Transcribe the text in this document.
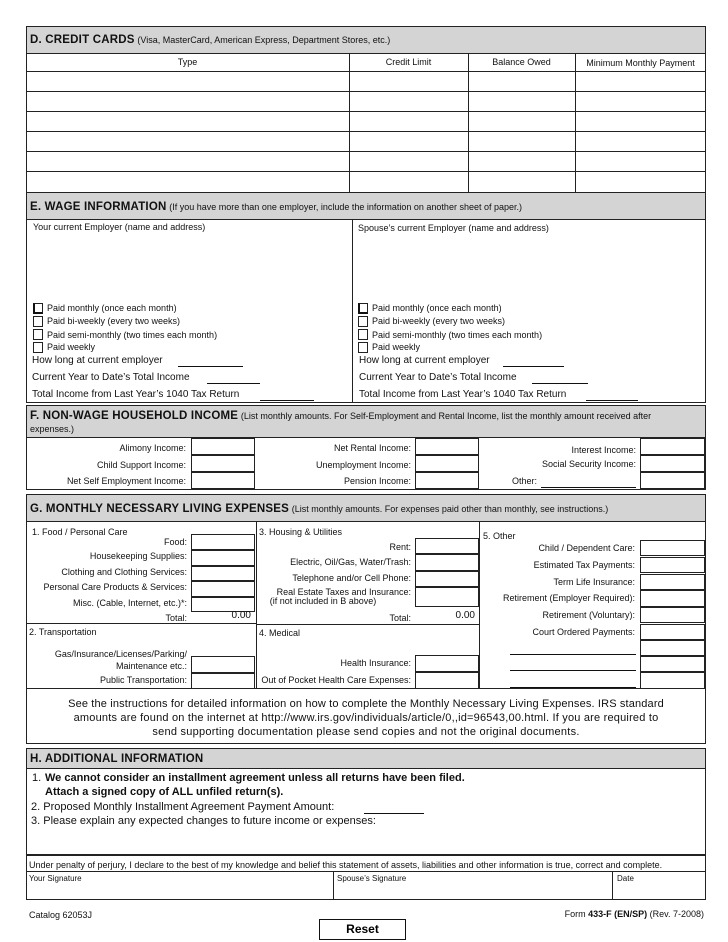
D. CREDIT CARDS (Visa, MasterCard, American Express, Department Stores, etc.)
Type	Credit Limit	Balance Owed	Minimum Monthly Payment
E. WAGE INFORMATION (If you have more than one employer, include the information on another sheet of paper.)
Your current Employer (name and address)	Spouse’s current Employer (name and address)
Paid monthly (once each month)
Paid bi-weekly (every two weeks)
Paid semi-monthly (two times each month)
Paid weekly
Paid monthly (once each month)
Paid bi-weekly (every two weeks)
Paid semi-monthly (two times each month)
Paid weekly
How long at current employer
Current Year to Date’s Total Income
Total Income from Last Year’s 1040 Tax Return
How long at current employer
Current Year to Date’s Total Income
Total Income from Last Year’s 1040 Tax Return
F. NON-WAGE HOUSEHOLD INCOME (List monthly amounts. For Self-Employment and Rental Income, list the monthly amount received after
expenses.)
Alimony Income:
Child Support Income:
Net Self Employment Income:
Net Rental Income:
Unemployment Income:
Pension Income:
Interest Income:
Social Security Income:
Other:
G. MONTHLY NECESSARY LIVING EXPENSES (List monthly amounts. For expenses paid other than monthly, see instructions.)
1. Food / Personal Care
Food:
Housekeeping Supplies:
Clothing and Clothing Services:
Personal Care Products & Services:
Misc. (Cable, Internet, etc.)*:
Total:	0.00
3. Housing & Utilities
Rent:
Electric, Oil/Gas, Water/Trash:
Telephone and/or Cell Phone:
Real Estate Taxes and Insurance:
(if not included in B above)
Total:	0.00
5. Other
Child / Dependent Care:
Estimated Tax Payments:
Term Life Insurance:
Retirement (Employer Required):
Retirement (Voluntary):
Court Ordered Payments:
2. Transportation
Gas/Insurance/Licenses/Parking/
Maintenance etc.:
Public Transportation:
4. Medical
Health Insurance:
Out of Pocket Health Care Expenses:
See the instructions for detailed information on how to complete the Monthly Necessary Living Expenses. IRS standard
amounts are found on the internet at http://www.irs.gov/individuals/article/0,,id=96543,00.html. If you are required to
send supporting documentation please send copies and not the original documents.
H. ADDITIONAL INFORMATION
1. We cannot consider an installment agreement unless all returns have been filed.
Attach a signed copy of ALL unfiled return(s).
2. Proposed Monthly Installment Agreement Payment Amount:
3. Please explain any expected changes to future income or expenses:
Under penalty of perjury, I declare to the best of my knowledge and belief this statement of assets, liabilities and other information is true, correct and complete.
Your Signature	Spouse’s Signature	Date
Catalog 62053J	Form 433-F (EN/SP) (Rev. 7-2008)
Reset
